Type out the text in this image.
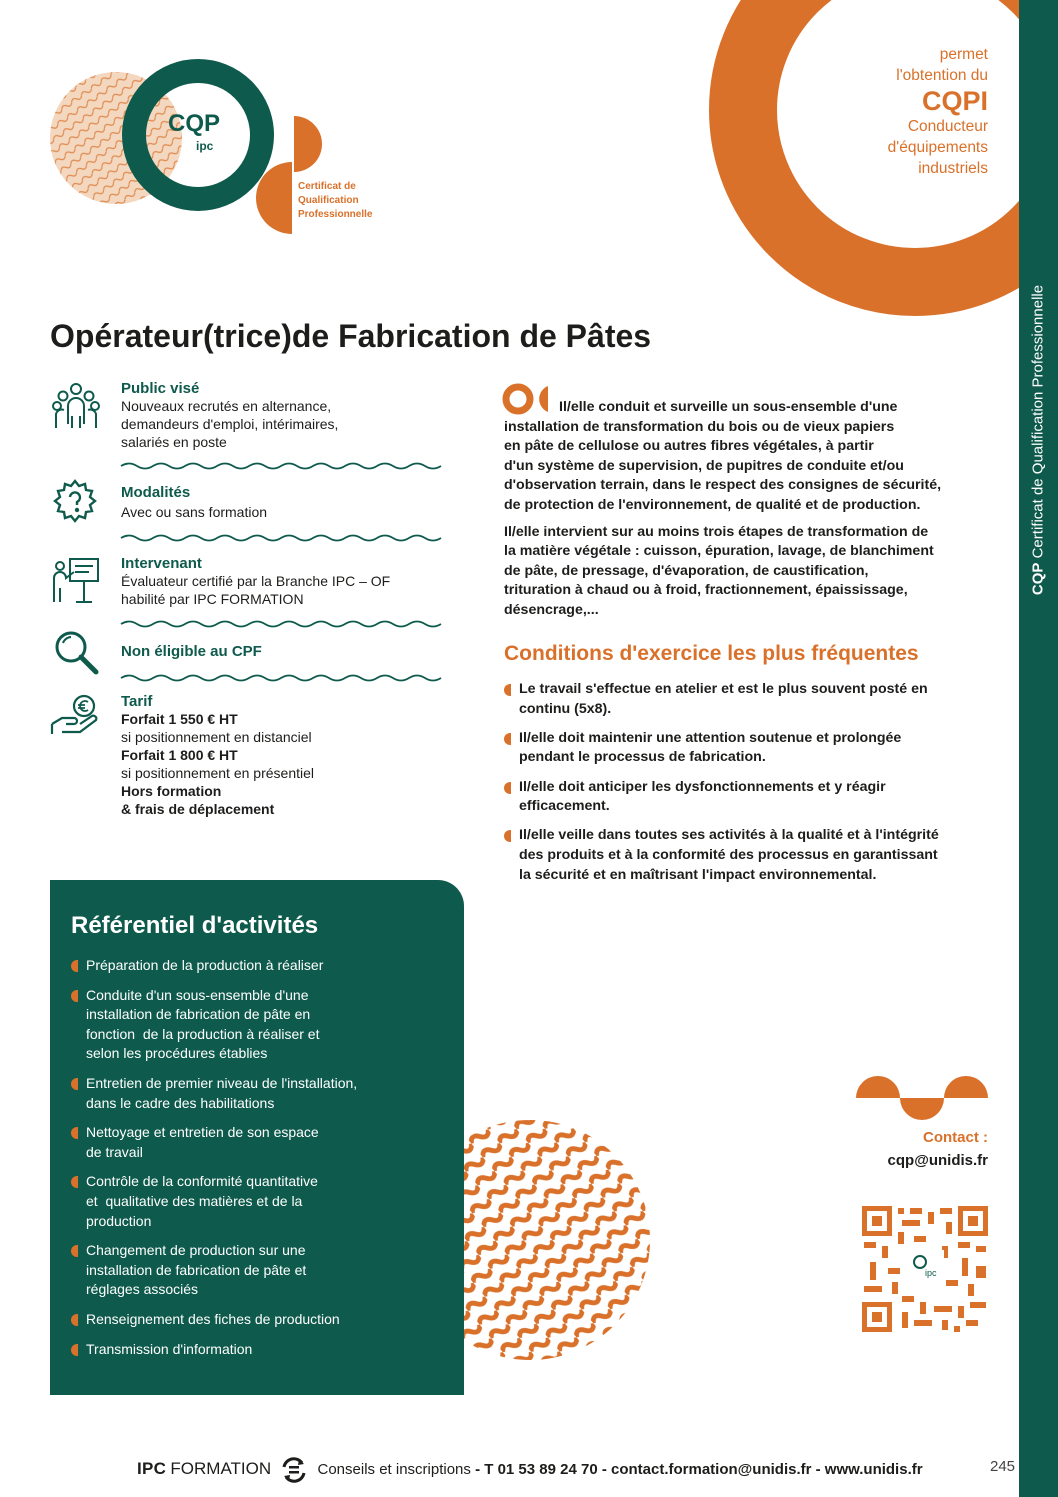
CQP Certificat de Qualification Professionnelle
permet
l'obtention du
CQPI
Conducteur
d'équipements
industriels
CQP
ipc
Certificat de
Qualification
Professionnelle
Opérateur(trice)de Fabrication de Pâtes
Public visé
Nouveaux recrutés en alternance,
demandeurs d'emploi, intérimaires,
salariés en poste
Modalités
Avec ou sans formation
Intervenant
Évaluateur certifié par la Branche IPC – OF
habilité par IPC FORMATION
Non éligible au CPF
Tarif
Forfait 1 550 € HT
si positionnement en distanciel
Forfait 1 800 € HT
si positionnement en présentiel
Hors formation
& frais de déplacement

Il/elle conduit et surveille un sous-ensemble d'une
installation de transformation du bois ou de vieux papiers
en pâte de cellulose ou autres fibres végétales, à partir
d'un système de supervision, de pupitres de conduite et/ou
d'observation terrain, dans le respect des consignes de sécurité,
de protection de l'environnement, de qualité et de production.

Il/elle intervient sur au moins trois étapes de transformation de
la matière végétale : cuisson, épuration, lavage, de blanchiment
de pâte, de pressage, d'évaporation, de caustification,
trituration à chaud ou à froid, fractionnement, épaississage,
désencrage,...

Conditions d'exercice les plus fréquentes
Le travail s'effectue en atelier et est le plus souvent posté en
continu (5x8).
Il/elle doit maintenir une attention soutenue et prolongée
pendant le processus de fabrication.
Il/elle doit anticiper les dysfonctionnements et y réagir
efficacement.
Il/elle veille dans toutes ses activités à la qualité et à l'intégrité
des produits et à la conformité des processus en garantissant
la sécurité et en maîtrisant l'impact environnemental.
Référentiel d'activités
Préparation de la production à réaliser
Conduite d'un sous-ensemble d'une
installation de fabrication de pâte en
fonction  de la production à réaliser et
selon les procédures établies
Entretien de premier niveau de l'installation,
dans le cadre des habilitations
Nettoyage et entretien de son espace
de travail
Contrôle de la conformité quantitative
et  qualitative des matières et de la
production
Changement de production sur une
installation de fabrication de pâte et
réglages associés
Renseignement des fiches de production
Transmission d'information
Contact :
cqp@unidis.fr
ipc
IPC FORMATION	Conseils et inscriptions - T 01 53 89 24 70 - contact.formation@unidis.fr - www.unidis.fr	245
